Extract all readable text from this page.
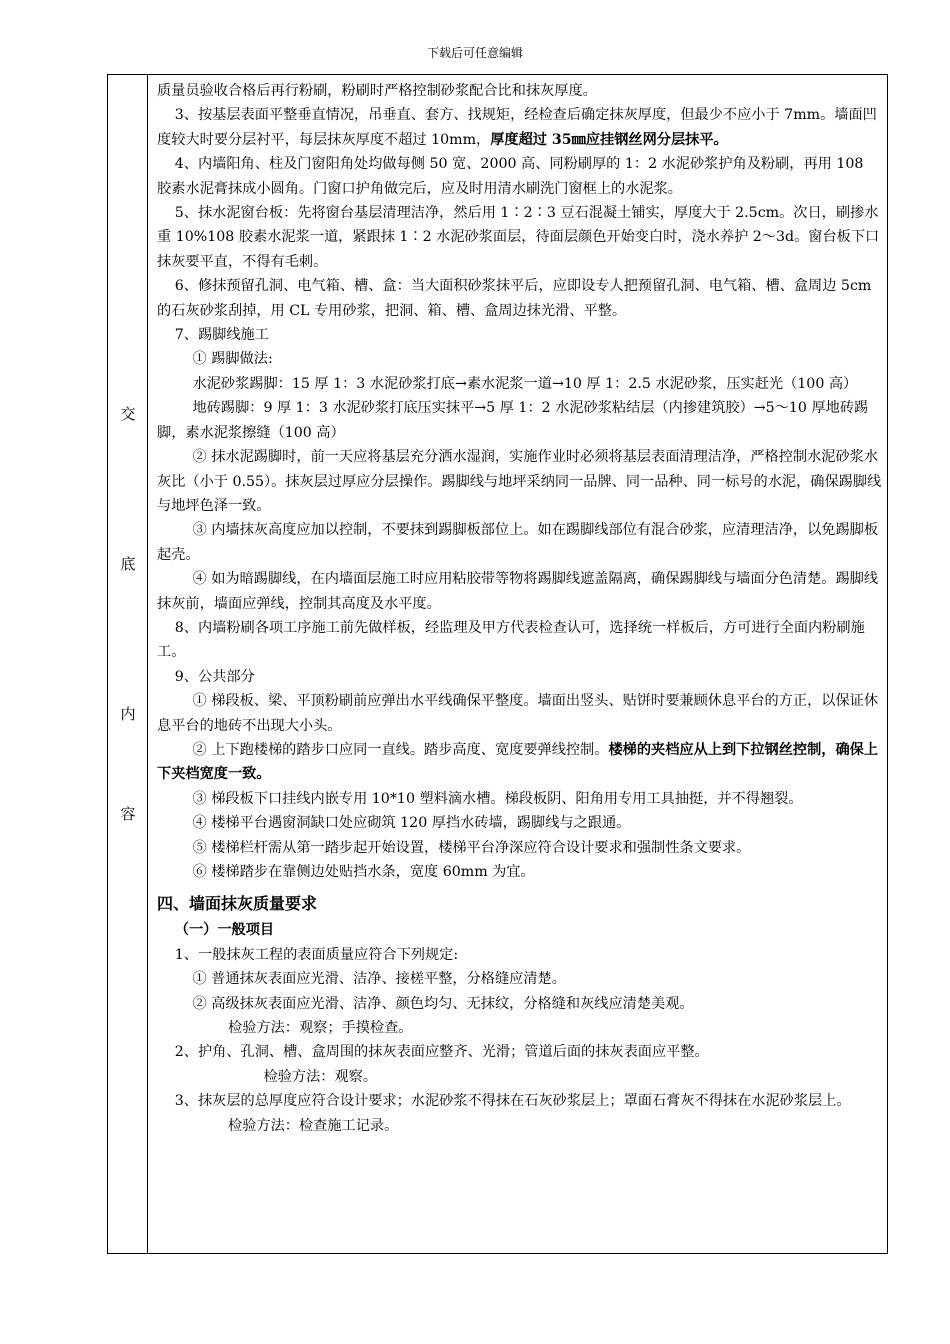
下载后可任意编辑
交
底
内
容

质量员验收合格后再行粉刷，粉刷时严格控制砂浆配合比和抹灰厚度。

3、按基层表面平整垂直情况，吊垂直、套方、找规矩，经检查后确定抹灰厚度，但最少不应小于 7mm。墙面凹度较大时要分层衬平，每层抹灰厚度不超过 10mm，厚度超过 35㎜应挂钢丝网分层抹平。

4、内墙阳角、柱及门窗阳角处均做每侧 50 宽、2000 高、同粉刷厚的 1：2 水泥砂浆护角及粉刷，再用 108 胶素水泥膏抹成小圆角。门窗口护角做完后，应及时用清水刷洗门窗框上的水泥浆。

5、抹水泥窗台板：先将窗台基层清理洁净，然后用 1∶2∶3 豆石混凝土铺实，厚度大于 2.5cm。次日，刷掺水重 10%108 胶素水泥浆一道，紧跟抹 1∶2 水泥砂浆面层，待面层颜色开始变白时，浇水养护 2～3d。窗台板下口抹灰要平直，不得有毛刺。

6、修抹预留孔洞、电气箱、槽、盒：当大面积砂浆抹平后，应即设专人把预留孔洞、电气箱、槽、盒周边 5cm 的石灰砂浆刮掉，用 CL 专用砂浆，把洞、箱、槽、盒周边抹光滑、平整。

7、踢脚线施工

① 踢脚做法:

水泥砂浆踢脚：15 厚 1：3 水泥砂浆打底→素水泥浆一道→10 厚 1：2.5 水泥砂浆，压实赶光（100 高）

地砖踢脚：9 厚 1：3 水泥砂浆打底压实抹平→5 厚 1：2 水泥砂浆粘结层（内掺建筑胶）→5～10 厚地砖踢脚，素水泥浆擦缝（100 高）

② 抹水泥踢脚时，前一天应将基层充分洒水湿润，实施作业时必须将基层表面清理洁净，严格控制水泥砂浆水灰比（小于 0.55）。抹灰层过厚应分层操作。踢脚线与地坪采纳同一品牌、同一品种、同一标号的水泥，确保踢脚线与地坪色泽一致。

③ 内墙抹灰高度应加以控制，不要抹到踢脚板部位上。如在踢脚线部位有混合砂浆，应清理洁净，以免踢脚板起壳。

④ 如为暗踢脚线，在内墙面层施工时应用粘胶带等物将踢脚线遮盖隔离，确保踢脚线与墙面分色清楚。踢脚线抹灰前，墙面应弹线，控制其高度及水平度。

8、内墙粉刷各项工序施工前先做样板，经监理及甲方代表检查认可，选择统一样板后，方可进行全面内粉刷施工。

9、公共部分

① 梯段板、梁、平顶粉刷前应弹出水平线确保平整度。墙面出竖头、贴饼时要兼顾休息平台的方正，以保证休息平台的地砖不出现大小头。

② 上下跑楼梯的踏步口应同一直线。踏步高度、宽度要弹线控制。楼梯的夹档应从上到下拉钢丝控制，确保上下夹档宽度一致。

③ 梯段板下口挂线内嵌专用 10*10 塑料滴水槽。梯段板阴、阳角用专用工具抽挺，并不得翘裂。

④ 楼梯平台遇窗洞缺口处应砌筑 120 厚挡水砖墙，踢脚线与之跟通。

⑤ 楼梯栏杆需从第一踏步起开始设置，楼梯平台净深应符合设计要求和强制性条文要求。

⑥ 楼梯踏步在靠侧边处贴挡水条，宽度 60mm 为宜。

四、墙面抹灰质量要求

（一）一般项目

1、一般抹灰工程的表面质量应符合下列规定:

① 普通抹灰表面应光滑、洁净、接槎平整，分格缝应清楚。

② 高级抹灰表面应光滑、洁净、颜色均匀、无抹纹，分格缝和灰线应清楚美观。

检验方法：观察；手摸检查。

2、护角、孔洞、槽、盒周围的抹灰表面应整齐、光滑；管道后面的抹灰表面应平整。

检验方法：观察。

3、抹灰层的总厚度应符合设计要求；水泥砂浆不得抹在石灰砂浆层上；罩面石膏灰不得抹在水泥砂浆层上。

检验方法：检查施工记录。
